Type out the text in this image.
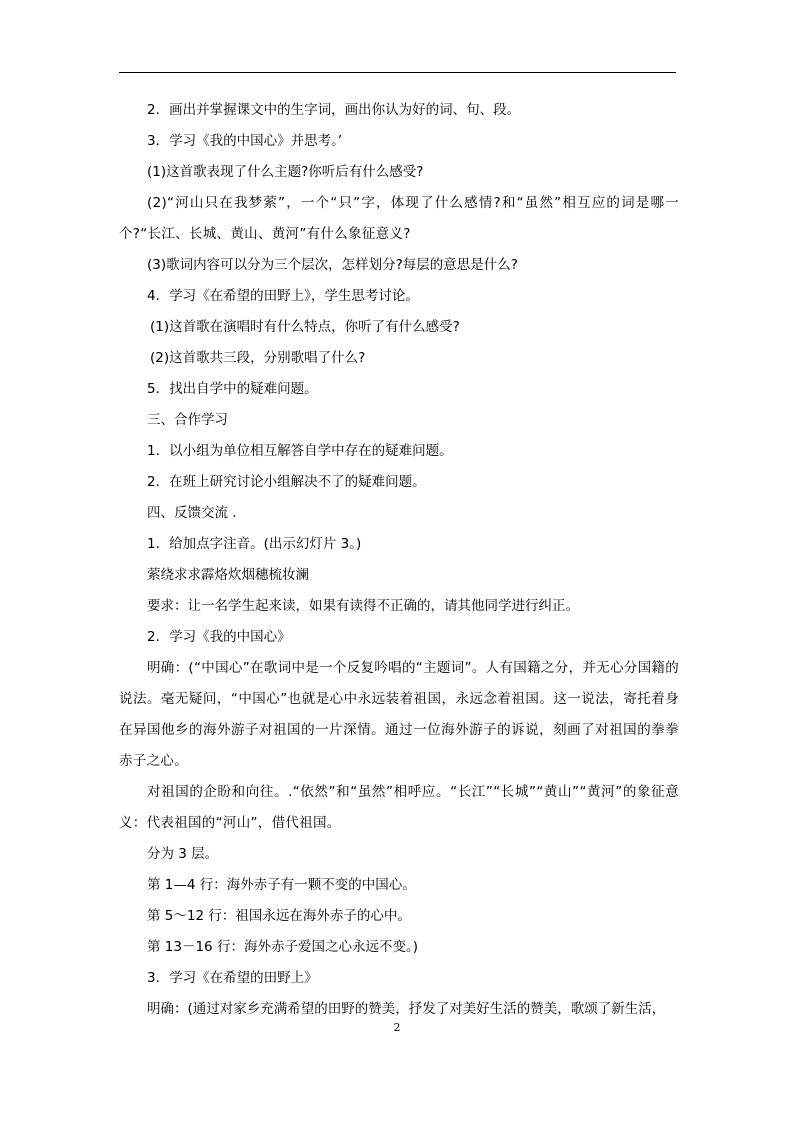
2．画出并掌握课文中的生字词，画出你认为好的词、句、段。
3．学习《我的中国心》并思考。’
(1)这首歌表现了什么主题?你听后有什么感受?
(2)“河山只在我梦萦”，一个“只”字，体现了什么感情?和“虽然”相互应的词是哪一个?“长江、长城、黄山、黄河”有什么象征意义?
(3)歌词内容可以分为三个层次，怎样划分?每层的意思是什么?
4．学习《在希望的田野上》，学生思考讨论。
(1)这首歌在演唱时有什么特点，你听了有什么感受?
(2)这首歌共三段，分别歌唱了什么?
5．找出自学中的疑难问题。
三、合作学习
1．以小组为单位相互解答自学中存在的疑难问题。
2．在班上研究讨论小组解决不了的疑难问题。
四、反馈交流 .
1．给加点字注音。(出示幻灯片 3。)
萦绕求求霹烙炊烟穗梳妆澜
要求：让一名学生起来读，如果有读得不正确的，请其他同学进行纠正。
2．学习《我的中国心》
明确：(“中国心”在歌词中是一个反复吟唱的“主题词”。人有国籍之分，并无心分国籍的说法。毫无疑问，“中国心”也就是心中永远装着祖国，永远念着祖国。这一说法，寄托着身在异国他乡的海外游子对祖国的一片深情。通过一位海外游子的诉说，刻画了对祖国的拳拳赤子之心。
对祖国的企盼和向往。.“依然”和“虽然”相呼应。“长江”“长城”“黄山”“黄河”的象征意义：代表祖国的“河山”，借代祖国。
分为 3 层。
第 1—4 行：海外赤子有一颗不变的中国心。
第 5～12 行：祖国永远在海外赤子的心中。
第 13－16 行：海外赤子爱国之心永远不变。)
3．学习《在希望的田野上》
明确：(通过对家乡充满希望的田野的赞美，抒发了对美好生活的赞美，歌颂了新生活，
2
